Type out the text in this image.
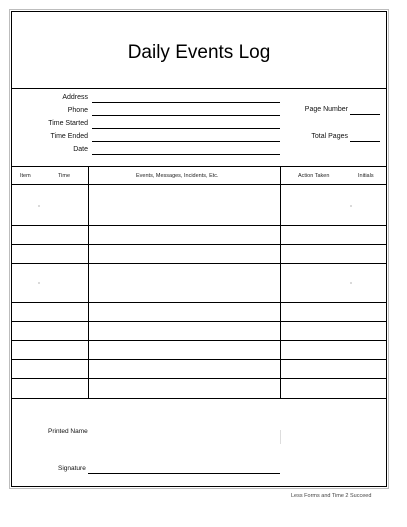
Daily Events Log
Address
Phone
Time Started
Time Ended
Date
Page Number
Total Pages
Item	Time	Events, Messages, Incidents, Etc.	Action Taken	Initials
Printed Name
Signature
Less Forms and Time 2 Succeed
